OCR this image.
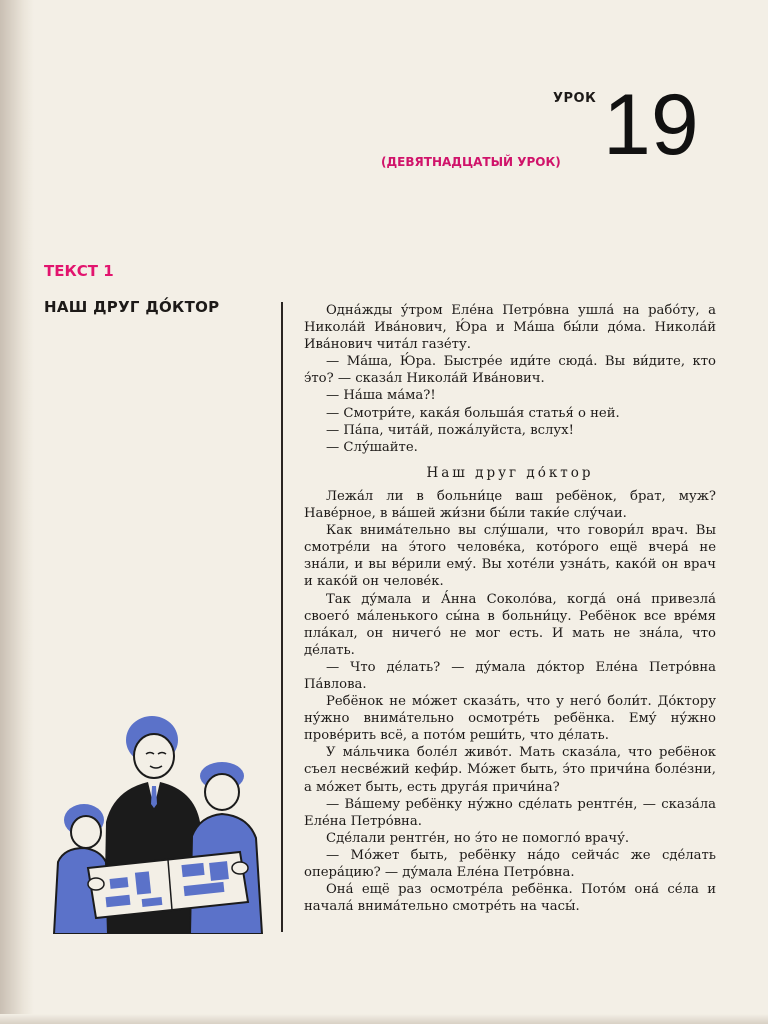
УРОК 19
(ДЕВЯТНАДЦАТЫЙ УРОК)
ТЕКСТ 1
НАШ ДРУГ ДО́КТОР	Одна́жды у́тром Еле́на Петро́вна ушла́ на рабо́ту, а Никола́й Ива́нович, Ю́ра и Ма́ша бы́ли до́ма. Никола́й Ива́нович чита́л газе́ту.

— Ма́ша, Ю́ра. Быстре́е иди́те сюда́. Вы ви́дите, кто э́то? — сказа́л Никола́й Ива́нович.

— На́ша ма́ма?!

— Смотри́те, кака́я больша́я статья́ о ней.

— Па́па, чита́й, пожа́луйста, вслух!

— Слу́шайте.

Наш друг до́ктор

Лежа́л ли в больни́це ваш ребёнок, брат, муж? Наве́рное, в ва́шей жи́зни бы́ли таки́е слу́чаи.

Как внима́тельно вы слу́шали, что говори́л врач. Вы смотре́ли на э́того челове́ка, кото́рого ещё вчера́ не зна́ли, и вы ве́рили ему́. Вы хоте́ли узна́ть, како́й он врач и како́й он челове́к.

Так ду́мала и А́нна Соколо́ва, когда́ она́ привезла́ своего́ ма́ленького сы́на в больни́цу. Ребёнок все вре́мя пла́кал, он ничего́ не мог есть. И мать не зна́ла, что де́лать.

— Что де́лать? — ду́мала до́ктор Еле́на Петро́вна Па́влова.

Ребёнок не мо́жет сказа́ть, что у него́ боли́т. До́ктору ну́жно внима́тельно осмотре́ть ребёнка. Ему́ ну́жно прове́рить всё, а пото́м реши́ть, что де́лать.

У ма́льчика боле́л живо́т. Мать сказа́ла, что ребёнок съел несве́жий кефи́р. Мо́жет быть, э́то причи́на боле́зни, а мо́жет быть, есть друга́я причи́на?

— Ва́шему ребёнку ну́жно сде́лать рентге́н, — сказа́ла Еле́на Петро́вна.

Сде́лали рентге́н, но э́то не помогло́ врачу́.

— Мо́жет быть, ребёнку на́до сейча́с же сде́лать опера́цию? — ду́мала Еле́на Петро́вна.

Она́ ещё раз осмотре́ла ребёнка. Пото́м она́ се́ла и начала́ внима́тельно смотре́ть на часы́.
